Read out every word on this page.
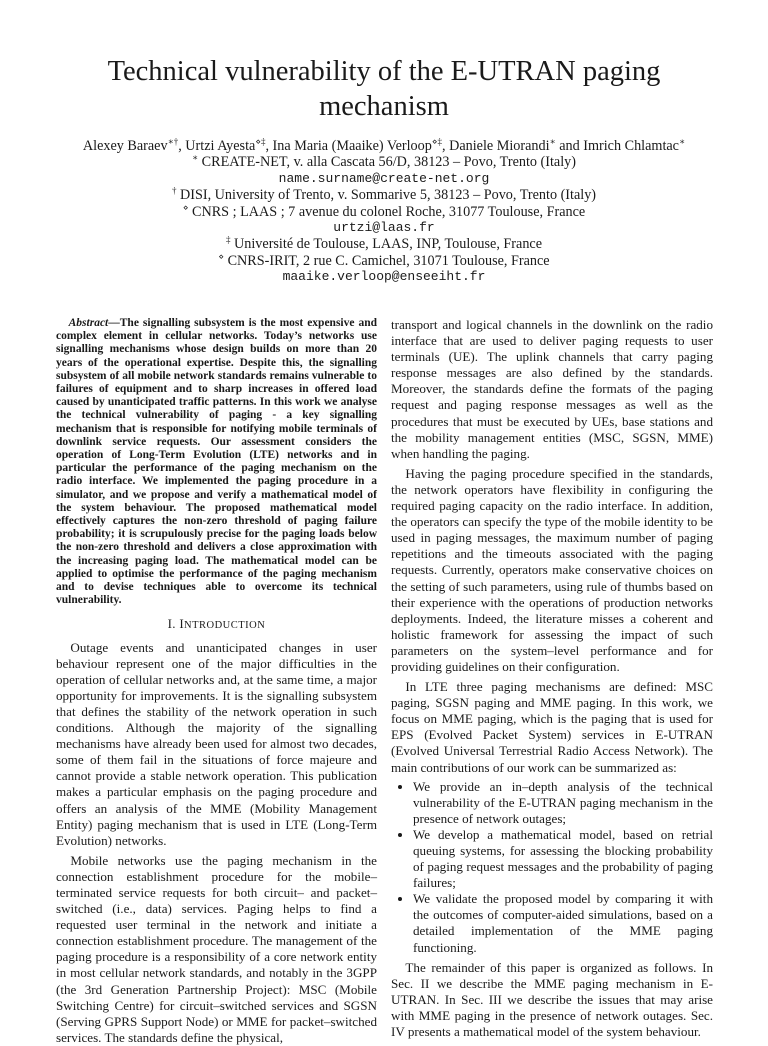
Technical vulnerability of the E-UTRAN paging mechanism
Alexey Baraev∗†, Urtzi Ayesta⋄‡, Ina Maria (Maaike) Verloop⋄‡, Daniele Miorandi∗ and Imrich Chlamtac∗
∗ CREATE-NET, v. alla Cascata 56/D, 38123 – Povo, Trento (Italy)
name.surname@create-net.org
† DISI, University of Trento, v. Sommarive 5, 38123 – Povo, Trento (Italy)
⋄ CNRS ; LAAS ; 7 avenue du colonel Roche, 31077 Toulouse, France
urtzi@laas.fr
‡ Université de Toulouse, LAAS, INP, Toulouse, France
⋄ CNRS-IRIT, 2 rue C. Camichel, 31071 Toulouse, France
maaike.verloop@enseeiht.fr

Abstract—The signalling subsystem is the most expensive and complex element in cellular networks. Today’s networks use signalling mechanisms whose design builds on more than 20 years of the operational expertise. Despite this, the signalling subsystem of all mobile network standards remains vulnerable to failures of equipment and to sharp increases in offered load caused by unanticipated traffic patterns. In this work we analyse the technical vulnerability of paging - a key signalling mechanism that is responsible for notifying mobile terminals of downlink service requests. Our assessment considers the operation of Long-Term Evolution (LTE) networks and in particular the performance of the paging mechanism on the radio interface. We implemented the paging procedure in a simulator, and we propose and verify a mathematical model of the system behaviour. The proposed mathematical model effectively captures the non-zero threshold of paging failure probability; it is scrupulously precise for the paging loads below the non-zero threshold and delivers a close approximation with the increasing paging load. The mathematical model can be applied to optimise the performance of the paging mechanism and to devise techniques able to overcome its technical vulnerability.

I. INTRODUCTION

Outage events and unanticipated changes in user behaviour represent one of the major difficulties in the operation of cellular networks and, at the same time, a major opportunity for improvements. It is the signalling subsystem that defines the stability of the network operation in such conditions. Although the majority of the signalling mechanisms have already been used for almost two decades, some of them fail in the situations of force majeure and cannot provide a stable network operation. This publication makes a particular emphasis on the paging procedure and offers an analysis of the MME (Mobility Management Entity) paging mechanism that is used in LTE (Long-Term Evolution) networks.

Mobile networks use the paging mechanism in the connection establishment procedure for the mobile–terminated service requests for both circuit– and packet–switched (i.e., data) services. Paging helps to find a requested user terminal in the network and initiate a connection establishment procedure. The management of the paging procedure is a responsibility of a core network entity in most cellular network standards, and notably in the 3GPP (the 3rd Generation Partnership Project): MSC (Mobile Switching Centre) for circuit–switched services and SGSN (Serving GPRS Support Node) or MME for packet–switched services. The standards define the physical,

transport and logical channels in the downlink on the radio interface that are used to deliver paging requests to user terminals (UE). The uplink channels that carry paging response messages are also defined by the standards. Moreover, the standards define the formats of the paging request and paging response messages as well as the procedures that must be executed by UEs, base stations and the mobility management entities (MSC, SGSN, MME) when handling the paging.

Having the paging procedure specified in the standards, the network operators have flexibility in configuring the required paging capacity on the radio interface. In addition, the operators can specify the type of the mobile identity to be used in paging messages, the maximum number of paging repetitions and the timeouts associated with the paging requests. Currently, operators make conservative choices on the setting of such parameters, using rule of thumbs based on their experience with the operations of production networks deployments. Indeed, the literature misses a coherent and holistic framework for assessing the impact of such parameters on the system–level performance and for providing guidelines on their configuration.

In LTE three paging mechanisms are defined: MSC paging, SGSN paging and MME paging. In this work, we focus on MME paging, which is the paging that is used for EPS (Evolved Packet System) services in E-UTRAN (Evolved Universal Terrestrial Radio Access Network). The main contributions of our work can be summarized as:

• We provide an in–depth analysis of the technical vulnerability of the E-UTRAN paging mechanism in the presence of network outages;
• We develop a mathematical model, based on retrial queuing systems, for assessing the blocking probability of paging request messages and the probability of paging failures;
• We validate the proposed model by comparing it with the outcomes of computer-aided simulations, based on a detailed implementation of the MME paging functioning.

The remainder of this paper is organized as follows. In Sec. II we describe the MME paging mechanism in E-UTRAN. In Sec. III we describe the issues that may arise with MME paging in the presence of network outages. Sec. IV presents a mathematical model of the system behaviour.
